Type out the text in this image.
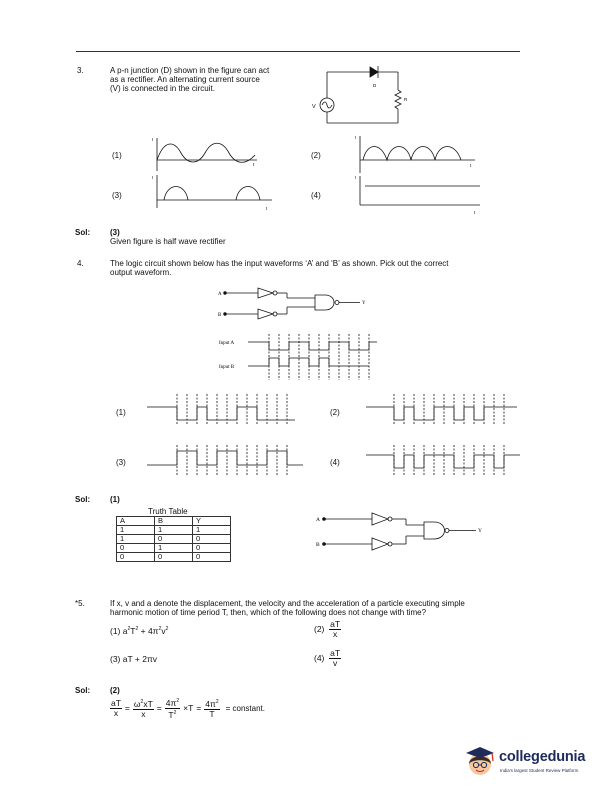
3.	A p-n junction (D) shown in the figure can act
as a rectifier. An alternating current source
(V) is connected in the circuit.
V
D
R
(1)	(2)
(3)	(4)
I
t
I
t
I
t
I
t
Sol: (3)
Given figure is half wave rectifier
4.	The logic circuit shown below has the input waveforms ‘A’ and ‘B’ as shown. Pick out the correct
output waveform.
A
B
Y
Input A
Input B
(1)	(2)
(3)	(4)
Sol: (1)
Truth Table
A	B	Y
1	1	1
1	0	0
0	1	0
0	0	0
A
B
Y
*5.	If x, v and a denote the displacement, the velocity and the acceleration of a particle executing simple
harmonic motion of time period T, then, which of the following does not change with time?
(1) $a^2T^2 + 4\pi^2v^2$	$(2) \frac{aT}{x}$
(3) aT + 2πv	$(4) \frac{aT}{v}$
Sol: (2)
$\frac{aT}{x} = \frac{\omega^2xT}{x} = \frac{4\pi^2}{T^2} \times T = \frac{4\pi^2}{T}$ = constant.
collegedunia
India's largest Student Review Platform
